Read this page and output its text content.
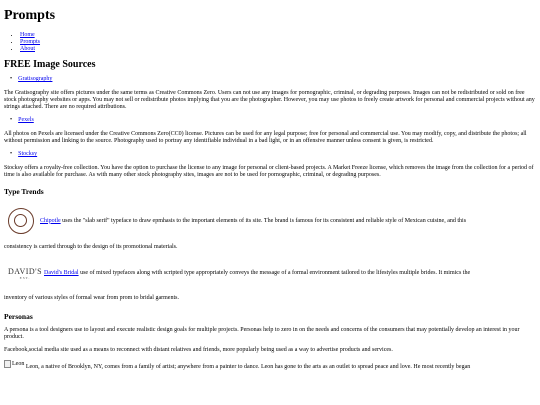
Prompts
• Home
• Prompts
• About
FREE Image Sources
• Gratisography

The Gratisography site offers pictures under the same terms as Creative Commons Zero. Users can not use any images for pornographic, criminal, or degrading purposes. Images can not be redistributed or sold on free stock photography websites or apps. You may not sell or redistribute photos implying that you are the photographer. However, you may use photos to freely create artwork for personal and commercial projects without any strings attached. There are no required attributions.

• Pexels

All photos on Pexels are licensed under the Creative Commons Zero(CC0) license. Pictures can be used for any legal purpose; free for personal and commercial use. You may modify, copy, and distribute the photos; all without permission and linking to the source. Photography used to portray any identifiable individual in a bad light, or in an offensive manner unless consent is given, is restricted.

• Stocksy

Stocksy offers a royalty-free collection. You have the option to purchase the license to any image for personal or client-based projects. A Market Freeze license, which removes the image from the collection for a period of time is also available for purchase. As with many other stock photography sites, images are not to be used for pornographic, criminal, or degrading purposes.

Type Trends
Chipotle uses the "slab serif" typeface to draw epmhasis to the important elements of its site. The brand is famous for its consistent and reliable style of Mexican cuisine, and this

consistency is carried through to the design of its promotional materials.

DAVID'S
EST.
David's Bridal use of mixed typefaces along with scripted type appropriately conveys the message of a formal environment tailored to the lifestyles multiple brides. It mimics the

inventory of various styles of formal wear from prom to bridal garments.

Personas

A persona is a tool designers use to layout and execute realistic design goals for multiple projects. Personas help to zero in on the needs and concerns of the consumers that may potentially develop an interest in your product.

Facebook,social media site used as a means to reconnect with distant relatives and friends, more popularly being used as a way to advertise products and services.

Leon
Leon, a native of Brooklyn, NY, comes from a family of artist; anywhere from a painter to dance. Leon has gone to the arts as an outlet to spread peace and love. He most recently began
